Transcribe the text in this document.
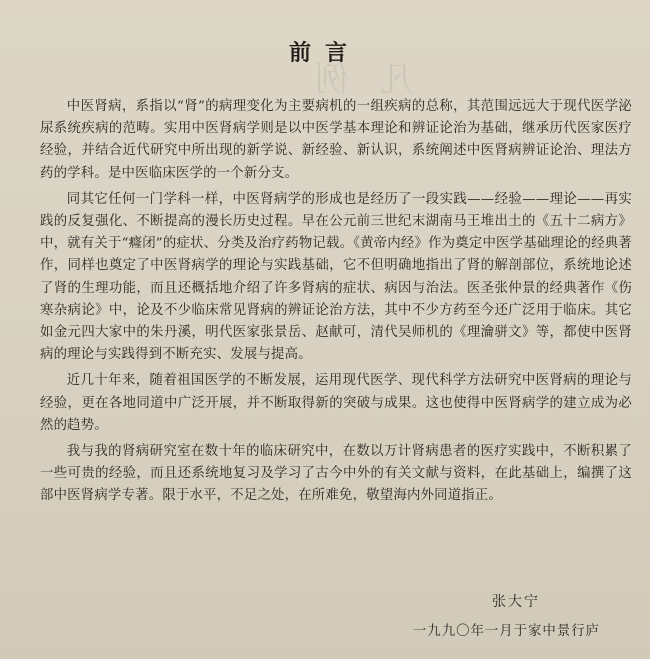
凡 例
前言

中医肾病，系指以“肾”的病理变化为主要病机的一组疾病的总称，其范围远远大于现代医学泌尿系统疾病的范畴。实用中医肾病学则是以中医学基本理论和辨证论治为基础，继承历代医家医疗经验，并结合近代研究中所出现的新学说、新经验、新认识，系统阐述中医肾病辨证论治、理法方药的学科。是中医临床医学的一个新分支。

同其它任何一门学科一样，中医肾病学的形成也是经历了一段实践——经验——理论——再实践的反复强化、不断提高的漫长历史过程。早在公元前三世纪末湖南马王堆出土的《五十二病方》中，就有关于“癃闭”的症状、分类及治疗药物记载。《黄帝内经》作为奠定中医学基础理论的经典著作，同样也奠定了中医肾病学的理论与实践基础，它不但明确地指出了肾的解剖部位，系统地论述了肾的生理功能，而且还概括地介绍了许多肾病的症状、病因与治法。医圣张仲景的经典著作《伤寒杂病论》中，论及不少临床常见肾病的辨证论治方法，其中不少方药至今还广泛用于临床。其它如金元四大家中的朱丹溪，明代医家张景岳、赵献可，清代吴师机的《理瀹骈文》等，都使中医肾病的理论与实践得到不断充实、发展与提高。

近几十年来，随着祖国医学的不断发展，运用现代医学、现代科学方法研究中医肾病的理论与经验，更在各地同道中广泛开展，并不断取得新的突破与成果。这也使得中医肾病学的建立成为必然的趋势。

我与我的肾病研究室在数十年的临床研究中，在数以万计肾病患者的医疗实践中，不断积累了一些可贵的经验，而且还系统地复习及学习了古今中外的有关文献与资料，在此基础上，编撰了这部中医肾病学专著。限于水平，不足之处，在所难免，敬望海内外同道指正。

张大宁
一九九〇年一月于家中景行庐
